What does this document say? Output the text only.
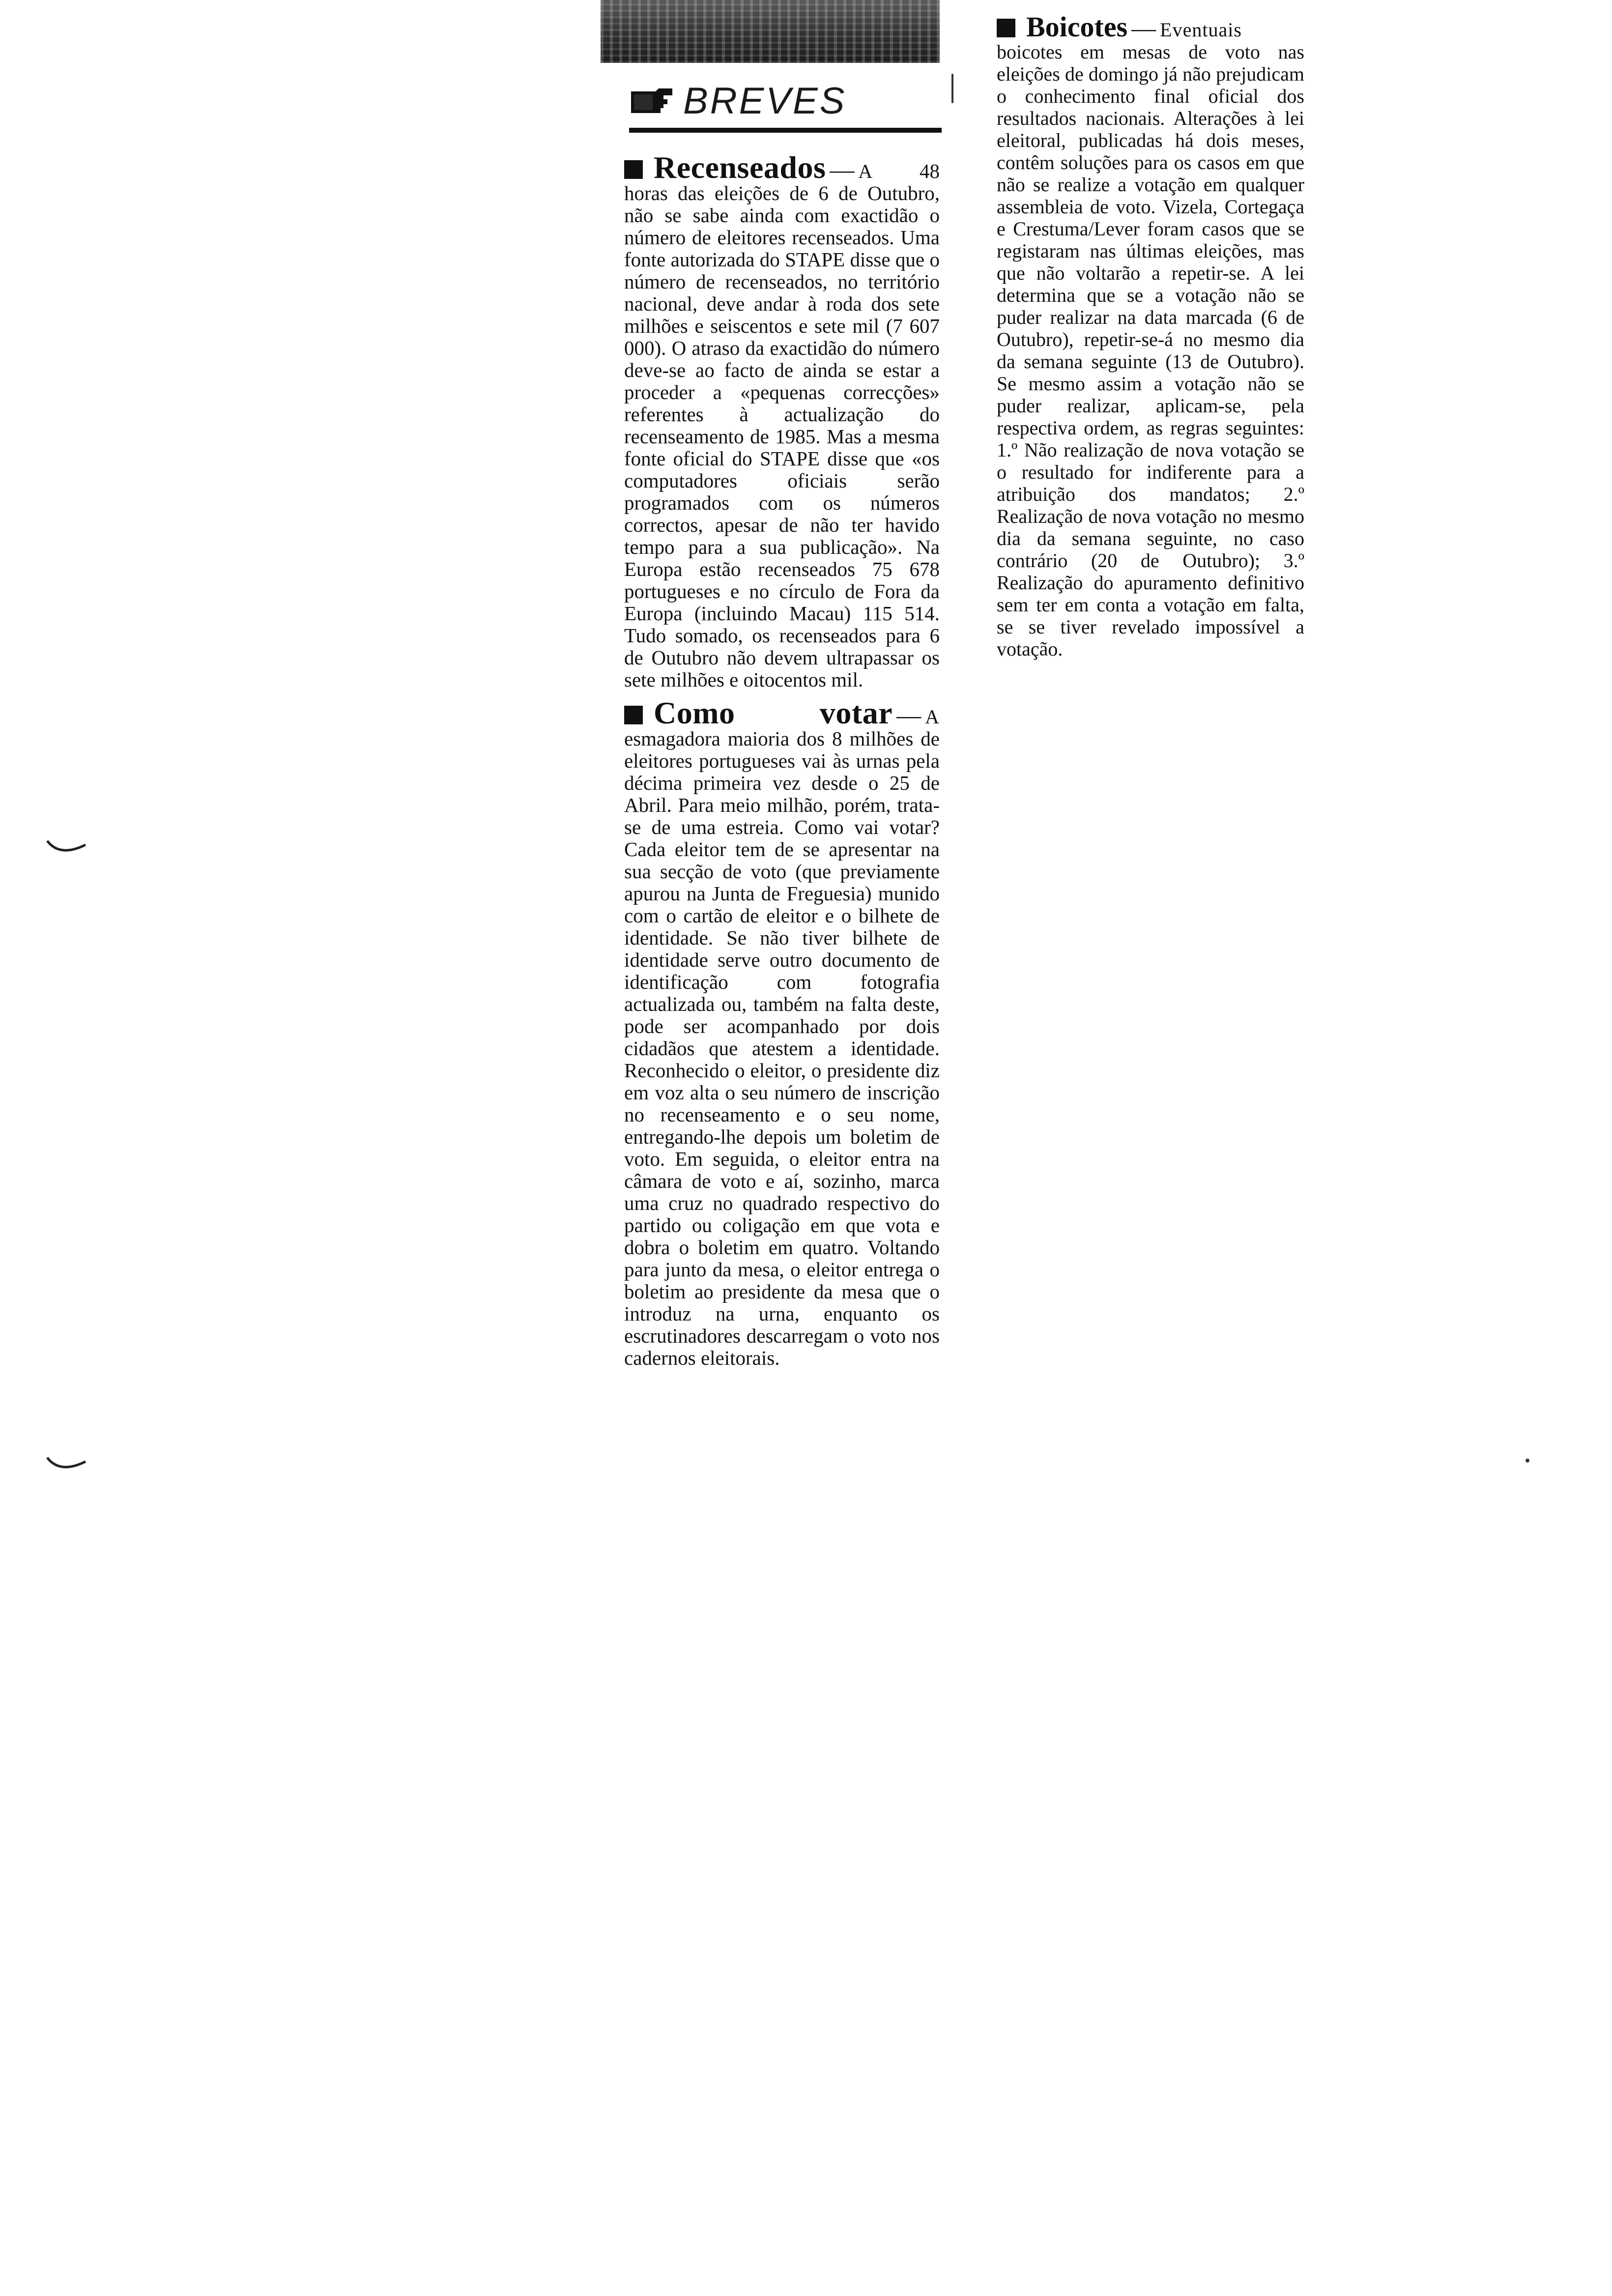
BREVES
Recenseados — A 48 horas das eleições de 6 de Outubro, não se sabe ainda com exactidão o número de eleitores recenseados. Uma fonte autorizada do STAPE disse que o número de recenseados, no território nacional, deve andar à roda dos sete milhões e seiscentos e sete mil (7 607 000). O atraso da exactidão do número deve-se ao facto de ainda se estar a proceder a «pequenas correcções» referentes à actualização do recenseamento de 1985. Mas a mesma fonte oficial do STAPE disse que «os computadores oficiais serão programados com os números correctos, apesar de não ter havido tempo para a sua publicação». Na Europa estão recenseados 75 678 portugueses e no círculo de Fora da Europa (incluindo Macau) 115 514. Tudo somado, os recenseados para 6 de Outubro não devem ultrapassar os sete milhões e oitocentos mil.
Como votar — A esmagadora maioria dos 8 milhões de eleitores portugueses vai às urnas pela décima primeira vez desde o 25 de Abril. Para meio milhão, porém, trata-se de uma estreia. Como vai votar? Cada eleitor tem de se apresentar na sua secção de voto (que previamente apurou na Junta de Freguesia) munido com o cartão de eleitor e o bilhete de identidade. Se não tiver bilhete de identidade serve outro documento de identificação com fotografia actualizada ou, também na falta deste, pode ser acompanhado por dois cidadãos que atestem a identidade. Reconhecido o eleitor, o presidente diz em voz alta o seu número de inscrição no recenseamento e o seu nome, entregando-lhe depois um boletim de voto. Em seguida, o eleitor entra na câmara de voto e aí, sozinho, marca uma cruz no quadrado respectivo do partido ou coligação em que vota e dobra o boletim em quatro. Voltando para junto da mesa, o eleitor entrega o boletim ao presidente da mesa que o introduz na urna, enquanto os escrutinadores descarregam o voto nos cadernos eleitorais.
Boicotes — Eventuais boicotes em mesas de voto nas eleições de domingo já não prejudicam o conhecimento final oficial dos resultados nacionais. Alterações à lei eleitoral, publicadas há dois meses, contêm soluções para os casos em que não se realize a votação em qualquer assembleia de voto. Vizela, Cortegaça e Crestuma/Lever foram casos que se registaram nas últimas eleições, mas que não voltarão a repetir-se. A lei determina que se a votação não se puder realizar na data marcada (6 de Outubro), repetir-se-á no mesmo dia da semana seguinte (13 de Outubro). Se mesmo assim a votação não se puder realizar, aplicam-se, pela respectiva ordem, as regras seguintes: 1.º Não realização de nova votação se o resultado for indiferente para a atribuição dos mandatos; 2.º Realização de nova votação no mesmo dia da semana seguinte, no caso contrário (20 de Outubro); 3.º Realização do apuramento definitivo sem ter em conta a votação em falta, se se tiver revelado impossível a votação.
